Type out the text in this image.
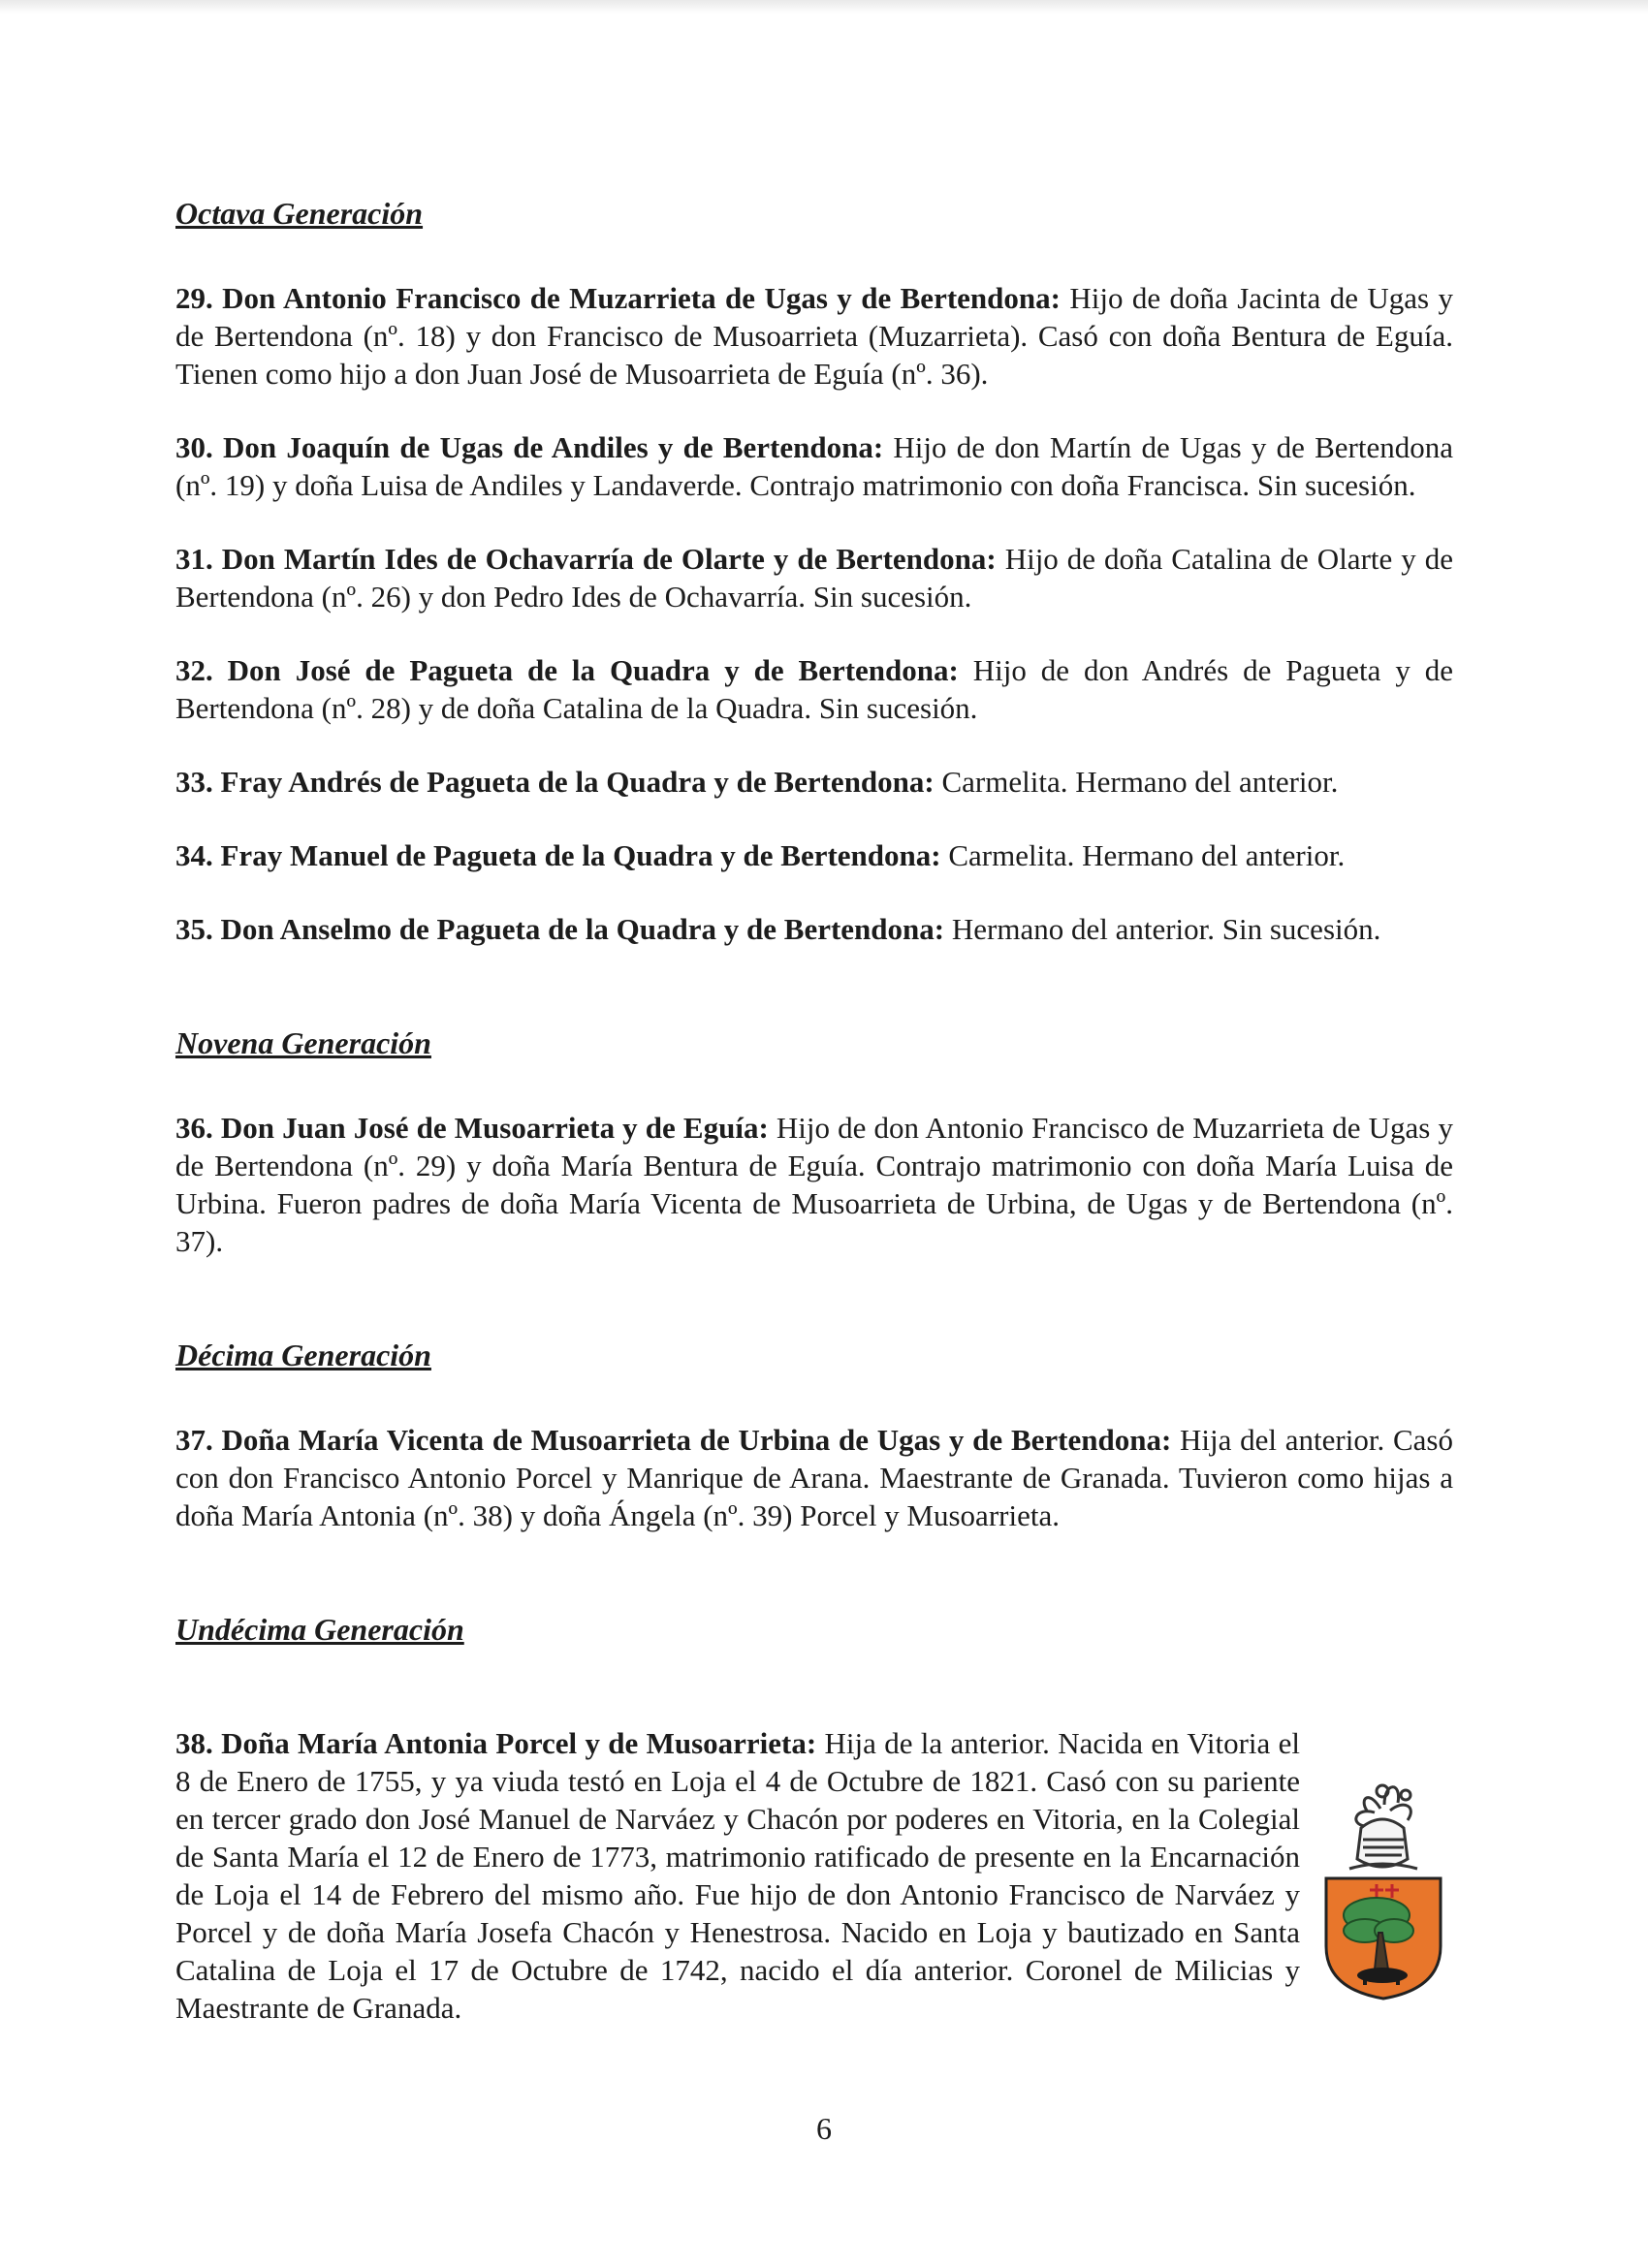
Octava Generación

29. Don Antonio Francisco de Muzarrieta de Ugas y de Bertendona: Hijo de doña Jacinta de Ugas y de Bertendona (nº. 18) y don Francisco de Musoarrieta (Muzarrieta). Casó con doña Bentura de Eguía. Tienen como hijo a don Juan José de Musoarrieta de Eguía (nº. 36).

30. Don Joaquín de Ugas de Andiles y de Bertendona: Hijo de don Martín de Ugas y de Bertendona (nº. 19) y doña Luisa de Andiles y Landaverde. Contrajo matrimonio con doña Francisca. Sin sucesión.

31. Don Martín Ides de Ochavarría de Olarte y de Bertendona: Hijo de doña Catalina de Olarte y de Bertendona (nº. 26) y don Pedro Ides de Ochavarría. Sin sucesión.

32. Don José de Pagueta de la Quadra y de Bertendona: Hijo de don Andrés de Pagueta y de Bertendona (nº. 28) y de doña Catalina de la Quadra. Sin sucesión.

33. Fray Andrés de Pagueta de la Quadra y de Bertendona: Carmelita. Hermano del anterior.

34. Fray Manuel de Pagueta de la Quadra y de Bertendona: Carmelita. Hermano del anterior.

35. Don Anselmo de Pagueta de la Quadra y de Bertendona: Hermano del anterior. Sin sucesión.

Novena Generación

36. Don Juan José de Musoarrieta y de Eguía: Hijo de don Antonio Francisco de Muzarrieta de Ugas y de Bertendona (nº. 29) y doña María Bentura de Eguía. Contrajo matrimonio con doña María Luisa de Urbina. Fueron padres de doña María Vicenta de Musoarrieta de Urbina, de Ugas y de Bertendona (nº. 37).

Décima Generación

37. Doña María Vicenta de Musoarrieta de Urbina de Ugas y de Bertendona: Hija del anterior. Casó con don Francisco Antonio Porcel y Manrique de Arana. Maestrante de Granada. Tuvieron como hijas a doña María Antonia (nº. 38) y doña Ángela (nº. 39) Porcel y Musoarrieta.

Undécima Generación

38. Doña María Antonia Porcel y de Musoarrieta: Hija de la anterior. Nacida en Vitoria el 8 de Enero de 1755, y ya viuda testó en Loja el 4 de Octubre de 1821. Casó con su pariente en tercer grado don José Manuel de Narváez y Chacón por poderes en Vitoria, en la Colegial de Santa María el 12 de Enero de 1773, matrimonio ratificado de presente en la Encarnación de Loja el 14 de Febrero del mismo año. Fue hijo de don Antonio Francisco de Narváez y Porcel y de doña María Josefa Chacón y Henestrosa. Nacido en Loja y bautizado en Santa Catalina de Loja el 17 de Octubre de 1742, nacido el día anterior. Coronel de Milicias y Maestrante de Granada.

6
